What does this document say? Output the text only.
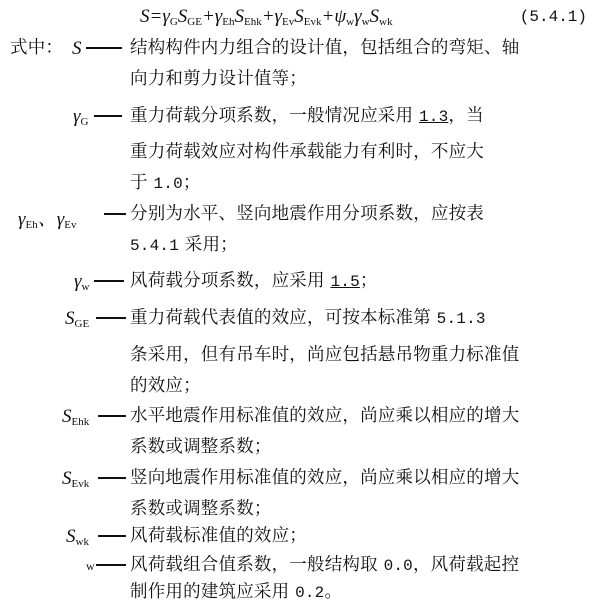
$S=\gamma_GS_{GE}+\gamma_{Eh}S_{Ehk}+\gamma_{Ev}S_{Evk}+\psi_w\gamma_wS_{wk}$	(5.4.1)
式中： S	结构构件内力组合的设计值，包括组合的弯矩、轴
向力和剪力设计值等；
$\gamma_G$ 重力荷载分项系数，一般情况应采用 1.3，当
重力荷载效应对构件承载能力有利时，不应大
于 1.0；
$\gamma_{Eh}$、$\gamma_{Ev}$
分别为水平、竖向地震作用分项系数，应按表
5.4.1 采用；
$\gamma_w$ 风荷载分项系数，应采用 1.5；
$S_{GE}$ 重力荷载代表值的效应，可按本标准第 5.1.3
条采用，但有吊车时，尚应包括悬吊物重力标准值
的效应；
$S_{Ehk}$ 水平地震作用标准值的效应，尚应乘以相应的增大
系数或调整系数；
$S_{Evk}$ 竖向地震作用标准值的效应，尚应乘以相应的增大
系数或调整系数；
$S_{wk}$ 风荷载标准值的效应；
w 风荷载组合值系数，一般结构取 0.0，风荷载起控
制作用的建筑应采用 0.2。
